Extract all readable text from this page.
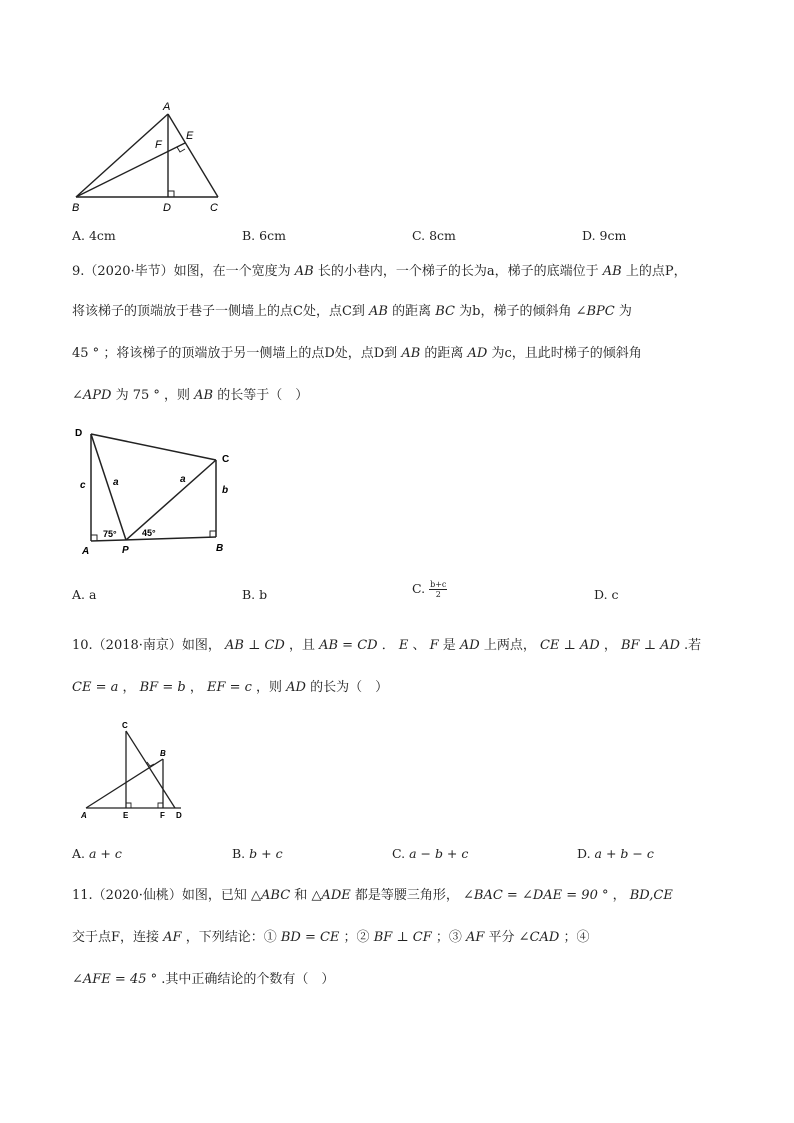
A
E
F
B	D	C
A. 4cm	B. 6cm	C. 8cm	D. 9cm
9.（2020·毕节）如图，在一个宽度为 AB 长的小巷内，一个梯子的长为a，梯子的底端位于 AB 上的点P，
将该梯子的顶端放于巷子一侧墙上的点C处，点C到 AB 的距离 BC 为b，梯子的倾斜角 ∠BPC 为
45 ° ；将该梯子的顶端放于另一侧墙上的点D处，点D到 AB 的距离 AD 为c，且此时梯子的倾斜角
∠APD 为 75 ° ，则 AB 的长等于（　）
D
C
A	P	B
a	a
c	b
75°	45°
A. a	B. b	C. $\frac{b+c}{2}$	D. c
10.（2018·南京）如图， AB ⊥ CD ，且 AB = CD ． E 、 F 是 AD 上两点， CE ⊥ AD ， BF ⊥ AD .若
CE = a ， BF = b ， EF = c ，则 AD 的长为（　）
C
B
A	E	F D
A. a + c	B. b + c	C. a − b + c	D. a + b − c
11.（2020·仙桃）如图，已知 △ABC 和 △ADE 都是等腰三角形， ∠BAC = ∠DAE = 90 ° ， BD,CE
交于点F，连接 AF ，下列结论：① BD = CE ；② BF ⊥ CF ；③ AF 平分 ∠CAD ；④
∠AFE = 45 ° .其中正确结论的个数有（　）
